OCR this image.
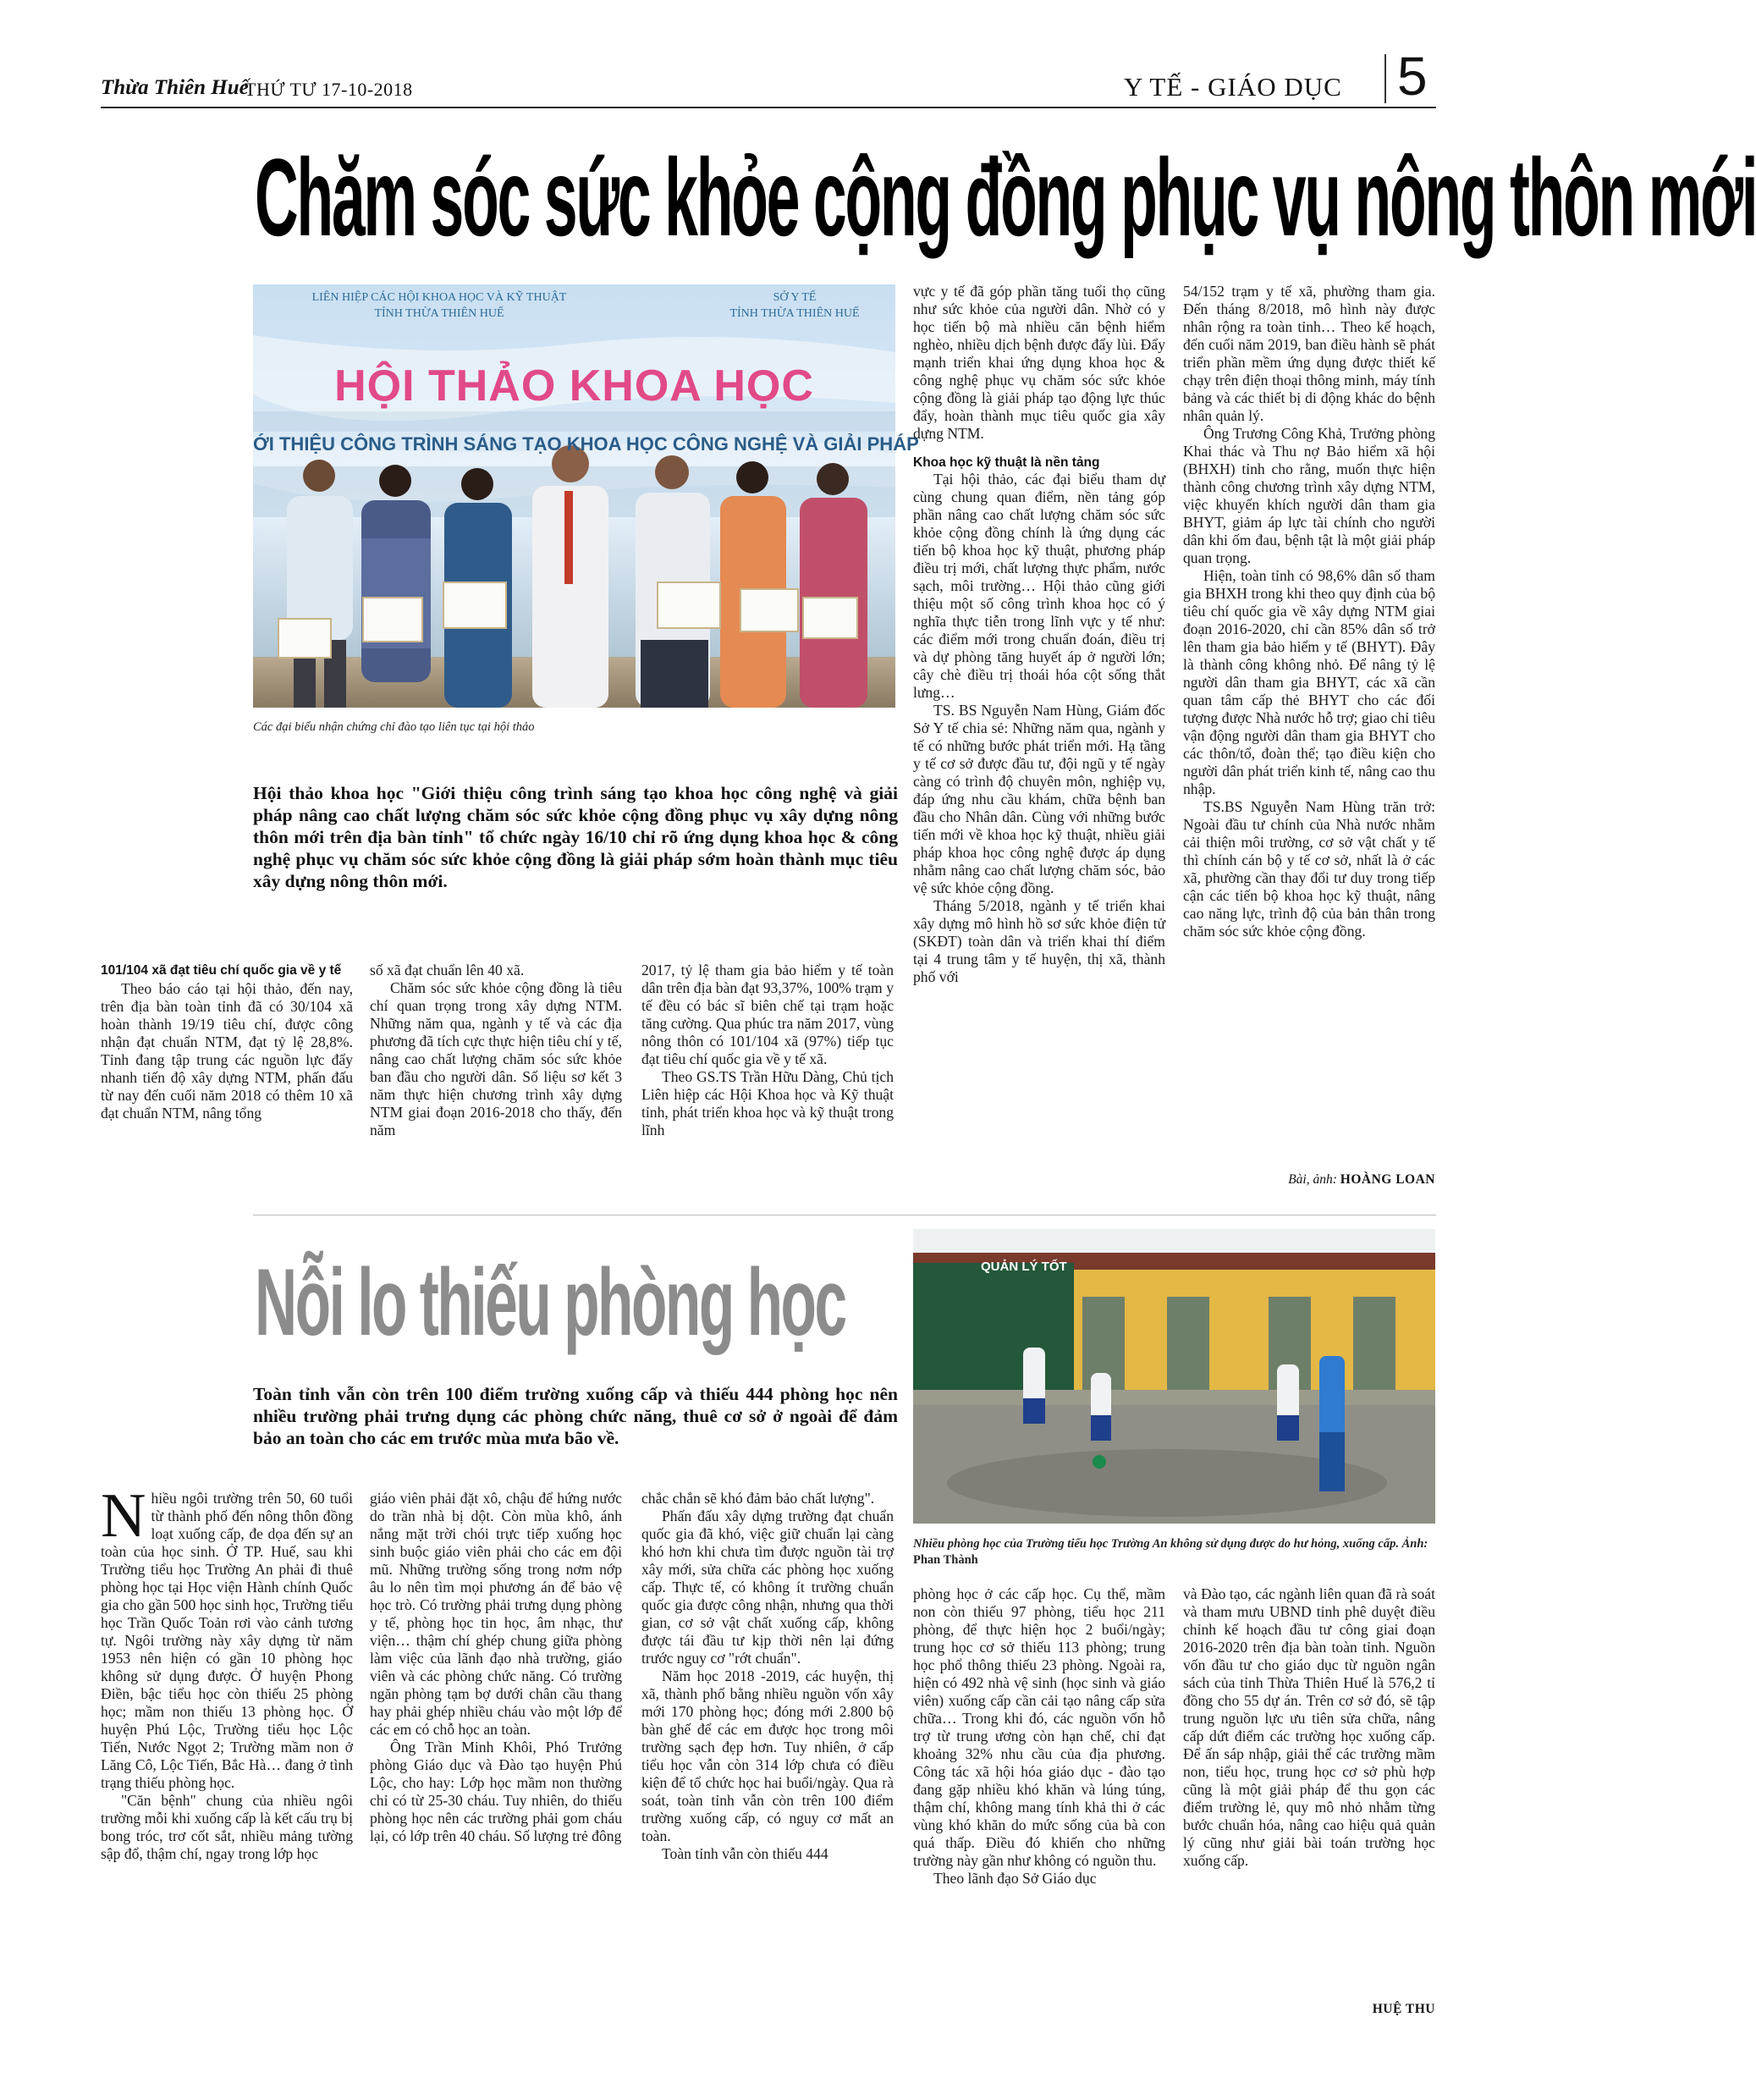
Thừa Thiên Huế
THỨ TƯ 17-10-2018	Y TẾ - GIÁO DỤC 5
Chăm sóc sức khỏe cộng đồng phục vụ nông thôn mới
LIÊN HIỆP CÁC HỘI KHOA HỌC VÀ KỸ THUẬT
TỈNH THỪA THIÊN HUẾ
SỞ Y TẾ
TỈNH THỪA THIÊN HUẾ
HỘI THẢO KHOA HỌC
ỚI THIỆU CÔNG TRÌNH SÁNG TẠO KHOA HỌC CÔNG NGHỆ VÀ GIẢI PHÁP
Các đại biểu nhận chứng chỉ đào tạo liên tục tại hội thảo
Hội thảo khoa học "Giới thiệu công trình sáng tạo khoa học công nghệ và giải pháp nâng cao chất lượng chăm sóc sức khỏe cộng đồng phục vụ xây dựng nông thôn mới trên địa bàn tỉnh" tổ chức ngày 16/10 chỉ rõ ứng dụng khoa học & công nghệ phục vụ chăm sóc sức khỏe cộng đồng là giải pháp sớm hoàn thành mục tiêu xây dựng nông thôn mới.
101/104 xã đạt tiêu chí quốc gia về y tế

Theo báo cáo tại hội thảo, đến nay, trên địa bàn toàn tỉnh đã có 30/104 xã hoàn thành 19/19 tiêu chí, được công nhận đạt chuẩn NTM, đạt tỷ lệ 28,8%. Tỉnh đang tập trung các nguồn lực đẩy nhanh tiến độ xây dựng NTM, phấn đấu từ nay đến cuối năm 2018 có thêm 10 xã đạt chuẩn NTM, nâng tổng

số xã đạt chuẩn lên 40 xã.

Chăm sóc sức khỏe cộng đồng là tiêu chí quan trọng trong xây dựng NTM. Những năm qua, ngành y tế và các địa phương đã tích cực thực hiện tiêu chí y tế, nâng cao chất lượng chăm sóc sức khỏe ban đầu cho người dân. Số liệu sơ kết 3 năm thực hiện chương trình xây dựng NTM giai đoạn 2016-2018 cho thấy, đến năm

2017, tỷ lệ tham gia bảo hiểm y tế toàn dân trên địa bàn đạt 93,37%, 100% trạm y tế đều có bác sĩ biên chế tại trạm hoặc tăng cường. Qua phúc tra năm 2017, vùng nông thôn có 101/104 xã (97%) tiếp tục đạt tiêu chí quốc gia về y tế xã.

Theo GS.TS Trần Hữu Dàng, Chủ tịch Liên hiệp các Hội Khoa học và Kỹ thuật tỉnh, phát triển khoa học và kỹ thuật trong lĩnh

vực y tế đã góp phần tăng tuổi thọ cũng như sức khỏe của người dân. Nhờ có y học tiến bộ mà nhiều căn bệnh hiểm nghèo, nhiều dịch bệnh được đẩy lùi. Đẩy mạnh triển khai ứng dụng khoa học & công nghệ phục vụ chăm sóc sức khỏe cộng đồng là giải pháp tạo động lực thúc đẩy, hoàn thành mục tiêu quốc gia xây dựng NTM.

Khoa học kỹ thuật là nền tảng

Tại hội thảo, các đại biểu tham dự cùng chung quan điểm, nền tảng góp phần nâng cao chất lượng chăm sóc sức khỏe cộng đồng chính là ứng dụng các tiến bộ khoa học kỹ thuật, phương pháp điều trị mới, chất lượng thực phẩm, nước sạch, môi trường… Hội thảo cũng giới thiệu một số công trình khoa học có ý nghĩa thực tiễn trong lĩnh vực y tế như: các điểm mới trong chuẩn đoán, điều trị và dự phòng tăng huyết áp ở người lớn; cây chè điều trị thoái hóa cột sống thắt lưng…

TS. BS Nguyễn Nam Hùng, Giám đốc Sở Y tế chia sẻ: Những năm qua, ngành y tế có những bước phát triển mới. Hạ tầng y tế cơ sở được đầu tư, đội ngũ y tế ngày càng có trình độ chuyên môn, nghiệp vụ, đáp ứng nhu cầu khám, chữa bệnh ban đầu cho Nhân dân. Cùng với những bước tiến mới về khoa học kỹ thuật, nhiều giải pháp khoa học công nghệ được áp dụng nhằm nâng cao chất lượng chăm sóc, bảo vệ sức khỏe cộng đồng.

Tháng 5/2018, ngành y tế triển khai xây dựng mô hình hồ sơ sức khỏe điện tử (SKĐT) toàn dân và triển khai thí điểm tại 4 trung tâm y tế huyện, thị xã, thành phố với

54/152 trạm y tế xã, phường tham gia. Đến tháng 8/2018, mô hình này được nhân rộng ra toàn tỉnh… Theo kế hoạch, đến cuối năm 2019, ban điều hành sẽ phát triển phần mềm ứng dụng được thiết kế chạy trên điện thoại thông minh, máy tính bảng và các thiết bị di động khác do bệnh nhân quản lý.

Ông Trương Công Khả, Trưởng phòng Khai thác và Thu nợ Bảo hiểm xã hội (BHXH) tỉnh cho rằng, muốn thực hiện thành công chương trình xây dựng NTM, việc khuyến khích người dân tham gia BHYT, giảm áp lực tài chính cho người dân khi ốm đau, bệnh tật là một giải pháp quan trọng.

Hiện, toàn tỉnh có 98,6% dân số tham gia BHXH trong khi theo quy định của bộ tiêu chí quốc gia về xây dựng NTM giai đoạn 2016-2020, chỉ cần 85% dân số trở lên tham gia bảo hiểm y tế (BHYT). Đây là thành công không nhỏ. Để nâng tỷ lệ người dân tham gia BHYT, các xã cần quan tâm cấp thẻ BHYT cho các đối tượng được Nhà nước hỗ trợ; giao chỉ tiêu vận động người dân tham gia BHYT cho các thôn/tổ, đoàn thể; tạo điều kiện cho người dân phát triển kinh tế, nâng cao thu nhập.

TS.BS Nguyễn Nam Hùng trăn trở: Ngoài đầu tư chính của Nhà nước nhằm cải thiện môi trường, cơ sở vật chất y tế thì chính cán bộ y tế cơ sở, nhất là ở các xã, phường cần thay đổi tư duy trong tiếp cận các tiến bộ khoa học kỹ thuật, nâng cao năng lực, trình độ của bản thân trong chăm sóc sức khỏe cộng đồng.

Bài, ảnh: HOÀNG LOAN
Nỗi lo thiếu phòng học	QUẢN LÝ TỐT
Nhiều phòng học của Trường tiểu học Trường An không sử dụng được do hư hỏng, xuống cấp. Ảnh: Phan Thành
Toàn tỉnh vẫn còn trên 100 điểm trường xuống cấp và thiếu 444 phòng học nên nhiều trường phải trưng dụng các phòng chức năng, thuê cơ sở ở ngoài để đảm bảo an toàn cho các em trước mùa mưa bão về.
N hiều ngôi trường trên 50, 60 tuổi từ thành phố đến nông thôn đồng loạt xuống cấp, đe dọa đến sự an toàn của học sinh. Ở TP. Huế, sau khi Trường tiểu học Trường An phải đi thuê phòng học tại Học viện Hành chính Quốc gia cho gần 500 học sinh học, Trường tiểu học Trần Quốc Toản rơi vào cảnh tương tự. Ngôi trường này xây dựng từ năm 1953 nên hiện có gần 10 phòng học không sử dụng được. Ở huyện Phong Điền, bậc tiểu học còn thiếu 25 phòng học; mầm non thiếu 13 phòng học. Ở huyện Phú Lộc, Trường tiểu học Lộc Tiến, Nước Ngọt 2; Trường mầm non ở Lăng Cô, Lộc Tiến, Bắc Hà… đang ở tình trạng thiếu phòng học.

"Căn bệnh" chung của nhiều ngôi trường mỗi khi xuống cấp là kết cấu trụ bị bong tróc, trơ cốt sắt, nhiều mảng tường sập đổ, thậm chí, ngay trong lớp học

giáo viên phải đặt xô, chậu để hứng nước do trần nhà bị dột. Còn mùa khô, ánh nắng mặt trời chói trực tiếp xuống học sinh buộc giáo viên phải cho các em đội mũ. Những trường sống trong nơm nớp âu lo nên tìm mọi phương án để bảo vệ học trò. Có trường phải trưng dụng phòng y tế, phòng học tin học, âm nhạc, thư viện… thậm chí ghép chung giữa phòng làm việc của lãnh đạo nhà trường, giáo viên và các phòng chức năng. Có trường ngăn phòng tạm bợ dưới chân cầu thang hay phải ghép nhiều cháu vào một lớp để các em có chỗ học an toàn.

Ông Trần Minh Khôi, Phó Trưởng phòng Giáo dục và Đào tạo huyện Phú Lộc, cho hay: Lớp học mầm non thường chỉ có từ 25-30 cháu. Tuy nhiên, do thiếu phòng học nên các trường phải gom cháu lại, có lớp trên 40 cháu. Số lượng trẻ đông

chắc chắn sẽ khó đảm bảo chất lượng".

Phấn đấu xây dựng trường đạt chuẩn quốc gia đã khó, việc giữ chuẩn lại càng khó hơn khi chưa tìm được nguồn tài trợ xây mới, sửa chữa các phòng học xuống cấp. Thực tế, có không ít trường chuẩn quốc gia được công nhận, nhưng qua thời gian, cơ sở vật chất xuống cấp, không được tái đầu tư kịp thời nên lại đứng trước nguy cơ "rớt chuẩn".

Năm học 2018 -2019, các huyện, thị xã, thành phố bằng nhiều nguồn vốn xây mới 170 phòng học; đóng mới 2.800 bộ bàn ghế để các em được học trong môi trường sạch đẹp hơn. Tuy nhiên, ở cấp tiểu học vẫn còn 314 lớp chưa có điều kiện để tổ chức học hai buổi/ngày. Qua rà soát, toàn tỉnh vẫn còn trên 100 điểm trường xuống cấp, có nguy cơ mất an toàn.

Toàn tỉnh vẫn còn thiếu 444

phòng học ở các cấp học. Cụ thể, mầm non còn thiếu 97 phòng, tiểu học 211 phòng, để thực hiện học 2 buổi/ngày; trung học cơ sở thiếu 113 phòng; trung học phổ thông thiếu 23 phòng. Ngoài ra, hiện có 492 nhà vệ sinh (học sinh và giáo viên) xuống cấp cần cải tạo nâng cấp sửa chữa… Trong khi đó, các nguồn vốn hỗ trợ từ trung ương còn hạn chế, chỉ đạt khoảng 32% nhu cầu của địa phương. Công tác xã hội hóa giáo dục - đào tạo đang gặp nhiều khó khăn và lúng túng, thậm chí, không mang tính khả thi ở các vùng khó khăn do mức sống của bà con quá thấp. Điều đó khiến cho những trường này gần như không có nguồn thu.

Theo lãnh đạo Sở Giáo dục

và Đào tạo, các ngành liên quan đã rà soát và tham mưu UBND tỉnh phê duyệt điều chỉnh kế hoạch đầu tư công giai đoạn 2016-2020 trên địa bàn toàn tỉnh. Nguồn vốn đầu tư cho giáo dục từ nguồn ngân sách của tỉnh Thừa Thiên Huế là 576,2 tỉ đồng cho 55 dự án. Trên cơ sở đó, sẽ tập trung nguồn lực ưu tiên sửa chữa, nâng cấp dứt điểm các trường học xuống cấp. Để ấn sáp nhập, giải thể các trường mầm non, tiểu học, trung học cơ sở phù hợp cũng là một giải pháp để thu gọn các điểm trường lẻ, quy mô nhỏ nhằm từng bước chuẩn hóa, nâng cao hiệu quả quản lý cũng như giải bài toán trường học xuống cấp.

HUỆ THU
